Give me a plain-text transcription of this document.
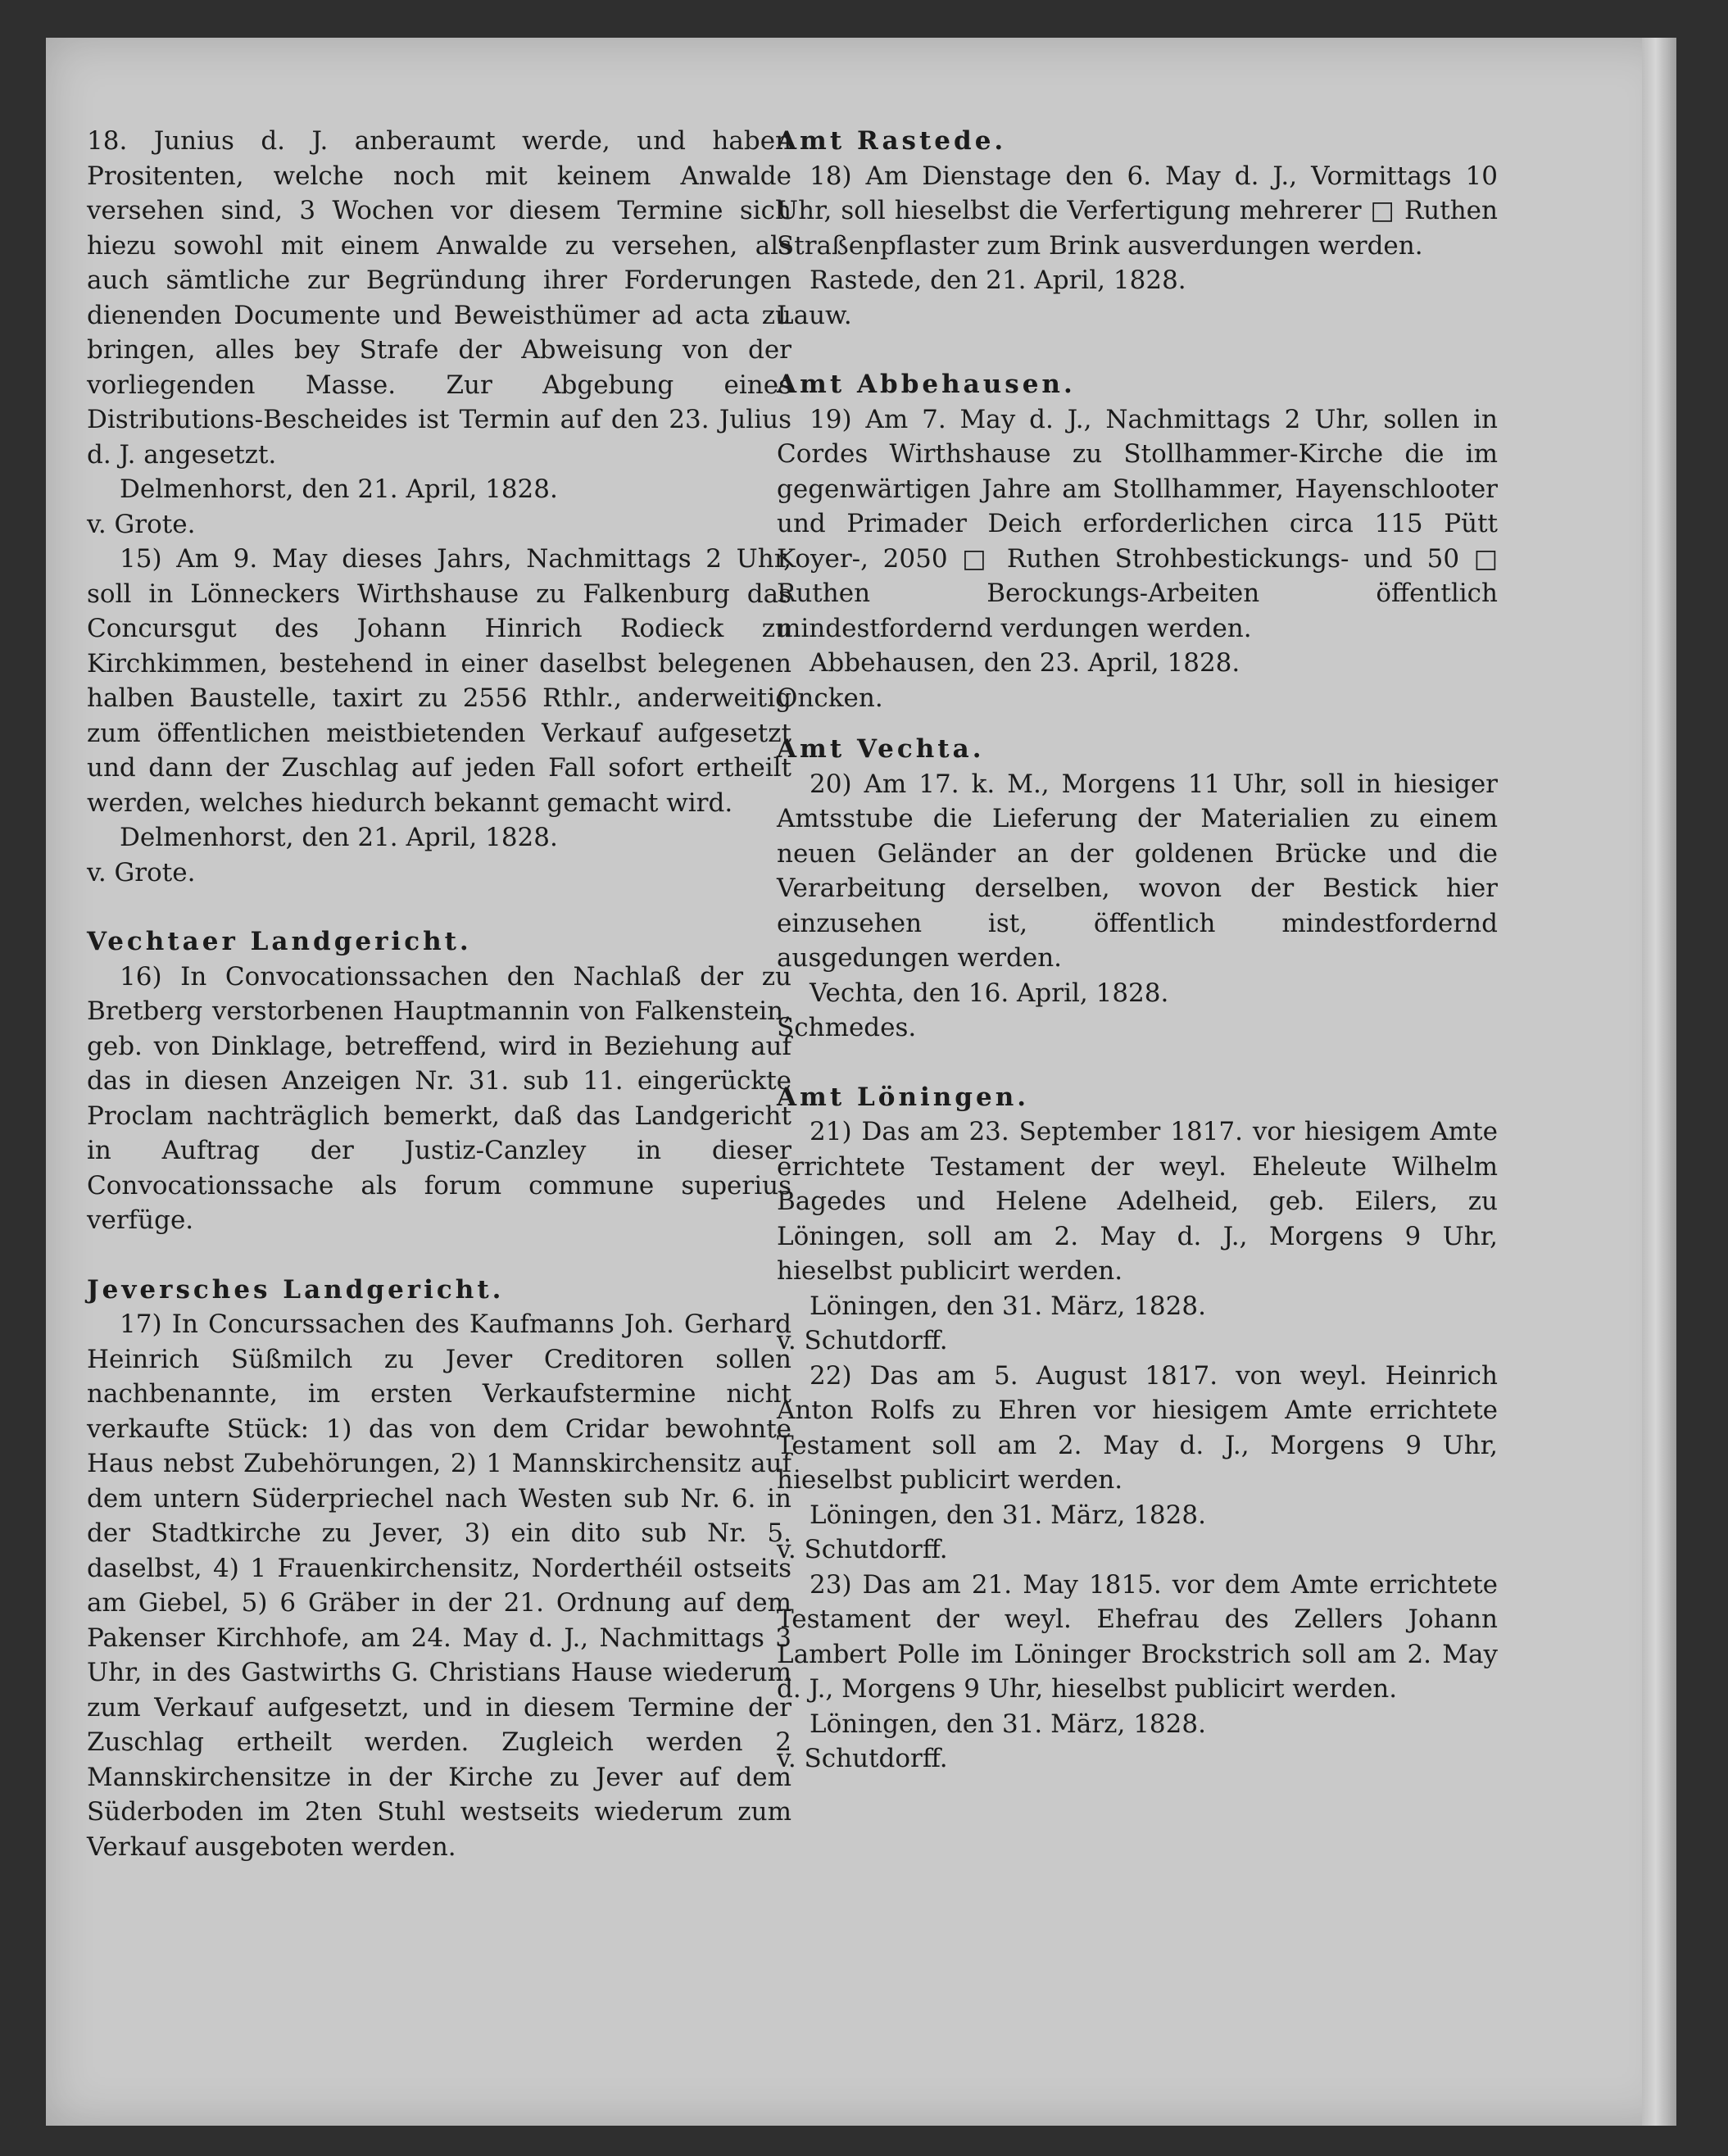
18. Junius d. J. anberaumt werde, und haben Prositenten, welche noch mit keinem Anwalde versehen sind, 3 Wochen vor diesem Termine sich hiezu sowohl mit einem Anwalde zu versehen, als auch sämtliche zur Begründung ihrer Forderungen dienenden Documente und Beweisthümer ad acta zu bringen, alles bey Strafe der Abweisung von der vorliegenden Masse. Zur Abgebung eines Distributions-Bescheides ist Termin auf den 23. Julius d. J. angesetzt.

Delmenhorst, den 21. April, 1828.

v. Grote.

15) Am 9. May dieses Jahrs, Nachmittags 2 Uhr, soll in Lönneckers Wirthshause zu Falkenburg das Concursgut des Johann Hinrich Rodieck zu Kirchkimmen, bestehend in einer daselbst belegenen halben Baustelle, taxirt zu 2556 Rthlr., anderweitig zum öffentlichen meistbietenden Verkauf aufgesetzt und dann der Zuschlag auf jeden Fall sofort ertheilt werden, welches hiedurch bekannt gemacht wird.

Delmenhorst, den 21. April, 1828.

v. Grote.

Vechtaer Landgericht.

16) In Convocationssachen den Nachlaß der zu Bretberg verstorbenen Hauptmannin von Falkenstein, geb. von Dinklage, betreffend, wird in Beziehung auf das in diesen Anzeigen Nr. 31. sub 11. eingerückte Proclam nachträglich bemerkt, daß das Landgericht in Auftrag der Justiz-Canzley in dieser Convocationssache als forum commune superius verfüge.

Jeversches Landgericht.

17) In Concurssachen des Kaufmanns Joh. Gerhard Heinrich Süßmilch zu Jever Creditoren sollen nachbenannte, im ersten Verkaufstermine nicht verkaufte Stück: 1) das von dem Cridar bewohnte Haus nebst Zubehörungen, 2) 1 Mannskirchensitz auf dem untern Süderpriechel nach Westen sub Nr. 6. in der Stadtkirche zu Jever, 3) ein dito sub Nr. 5. daselbst, 4) 1 Frauenkirchensitz, Norderthéil ostseits am Giebel, 5) 6 Gräber in der 21. Ordnung auf dem Pakenser Kirchhofe, am 24. May d. J., Nachmittags 3 Uhr, in des Gastwirths G. Christians Hause wiederum zum Verkauf aufgesetzt, und in diesem Termine der Zuschlag ertheilt werden. Zugleich werden 2 Mannskirchensitze in der Kirche zu Jever auf dem Süderboden im 2ten Stuhl westseits wiederum zum Verkauf ausgeboten werden.

Amt Rastede.

18) Am Dienstage den 6. May d. J., Vormittags 10 Uhr, soll hieselbst die Verfertigung mehrerer □ Ruthen Straßenpflaster zum Brink ausverdungen werden.

Rastede, den 21. April, 1828.

Lauw.

Amt Abbehausen.

19) Am 7. May d. J., Nachmittags 2 Uhr, sollen in Cordes Wirthshause zu Stollhammer-Kirche die im gegenwärtigen Jahre am Stollhammer, Hayenschlooter und Primader Deich erforderlichen circa 115 Pütt Koyer-, 2050 □ Ruthen Strohbestickungs- und 50 □ Ruthen Berockungs-Arbeiten öffentlich mindestfordernd verdungen werden.

Abbehausen, den 23. April, 1828.

Oncken.

Amt Vechta.

20) Am 17. k. M., Morgens 11 Uhr, soll in hiesiger Amtsstube die Lieferung der Materialien zu einem neuen Geländer an der goldenen Brücke und die Verarbeitung derselben, wovon der Bestick hier einzusehen ist, öffentlich mindestfordernd ausgedungen werden.

Vechta, den 16. April, 1828.

Schmedes.

Amt Löningen.

21) Das am 23. September 1817. vor hiesigem Amte errichtete Testament der weyl. Eheleute Wilhelm Bagedes und Helene Adelheid, geb. Eilers, zu Löningen, soll am 2. May d. J., Morgens 9 Uhr, hieselbst publicirt werden.

Löningen, den 31. März, 1828.

v. Schutdorff.

22) Das am 5. August 1817. von weyl. Heinrich Anton Rolfs zu Ehren vor hiesigem Amte errichtete Testament soll am 2. May d. J., Morgens 9 Uhr, hieselbst publicirt werden.

Löningen, den 31. März, 1828.

v. Schutdorff.

23) Das am 21. May 1815. vor dem Amte errichtete Testament der weyl. Ehefrau des Zellers Johann Lambert Polle im Löninger Brockstrich soll am 2. May d. J., Morgens 9 Uhr, hieselbst publicirt werden.

Löningen, den 31. März, 1828.

v. Schutdorff.
